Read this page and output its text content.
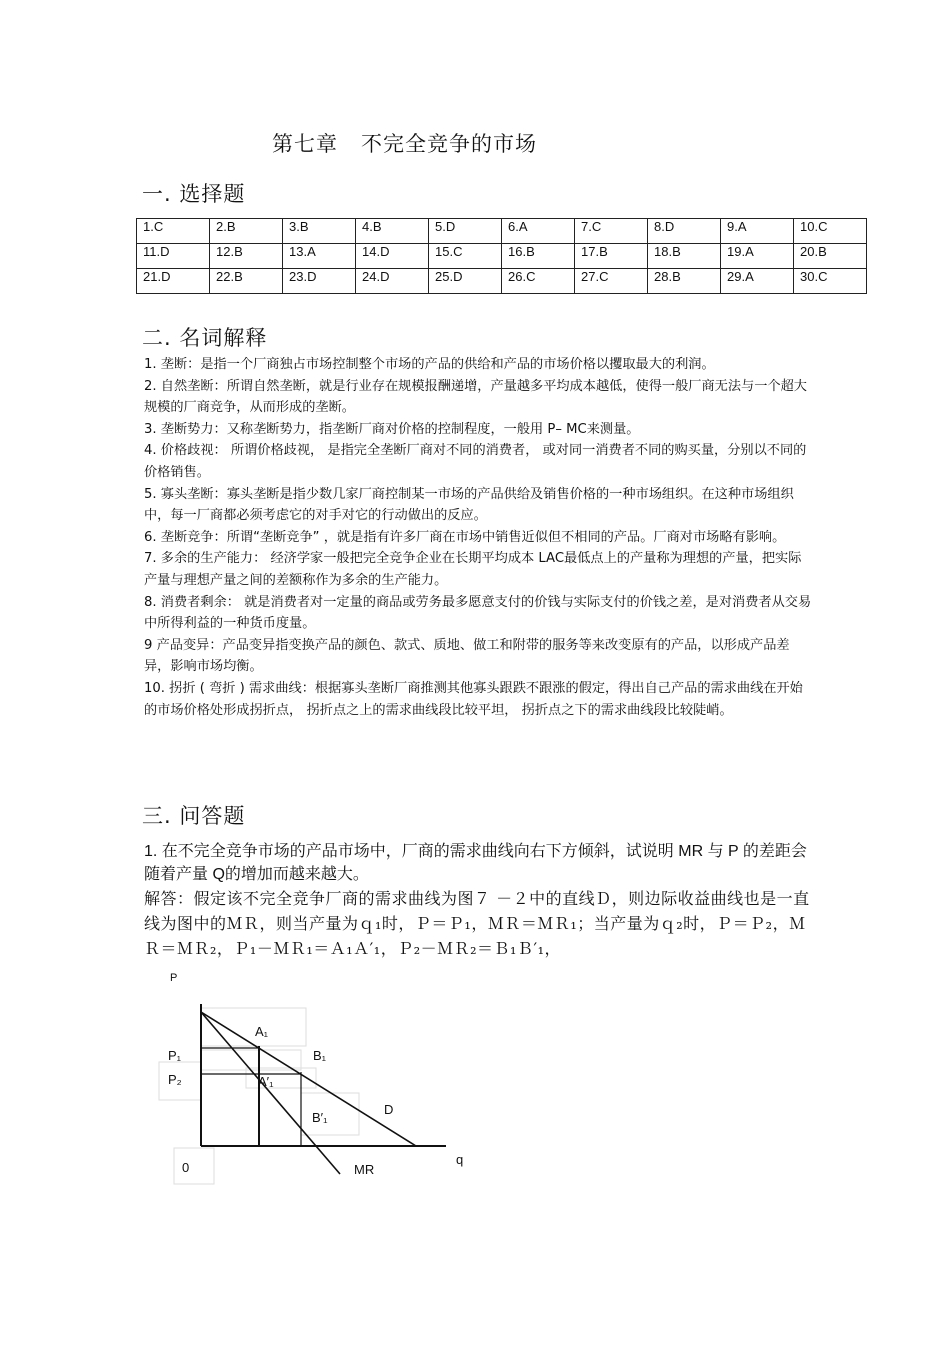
第七章   不完全竞争的市场
一. 选择题
1.C	2.B	3.B	4.B	5.D	6.A	7.C	8.D	9.A	10.C
11.D	12.B	13.A	14.D	15.C	16.B	17.B	18.B	19.A	20.B
21.D	22.B	23.D	24.D	25.D	26.C	27.C	28.B	29.A	30.C
二. 名词解释

1. 垄断：是指一个厂商独占市场控制整个市场的产品的供给和产品的市场价格以攫取最大的利润。

2. 自然垄断：所谓自然垄断，就是行业存在规模报酬递增，产量越多平均成本越低，使得一般厂商无法与一个超大规模的厂商竞争，从而形成的垄断。

3. 垄断势力：又称垄断势力，指垄断厂商对价格的控制程度，一般用 P– MC来测量。

4. 价格歧视： 所谓价格歧视， 是指完全垄断厂商对不同的消费者， 或对同一消费者不同的购买量，分别以不同的价格销售。

5. 寡头垄断：寡头垄断是指少数几家厂商控制某一市场的产品供给及销售价格的一种市场组织。在这种市场组织中，每一厂商都必须考虑它的对手对它的行动做出的反应。

6. 垄断竞争：所谓“垄断竞争” ，就是指有许多厂商在市场中销售近似但不相同的产品。厂商对市场略有影响。

7. 多余的生产能力： 经济学家一般把完全竞争企业在长期平均成本 LAC最低点上的产量称为理想的产量，把实际产量与理想产量之间的差额称作为多余的生产能力。

8. 消费者剩余： 就是消费者对一定量的商品或劳务最多愿意支付的价钱与实际支付的价钱之差，是对消费者从交易中所得利益的一种货币度量。

9 产品变异：产品变异指变换产品的颜色、款式、质地、做工和附带的服务等来改变原有的产品，以形成产品差异，影响市场均衡。

10. 拐折 ( 弯折 ) 需求曲线：根据寡头垄断厂商推测其他寡头跟跌不跟涨的假定，得出自己产品的需求曲线在开始的市场价格处形成拐折点， 拐折点之上的需求曲线段比较平坦， 拐折点之下的需求曲线段比较陡峭。

三. 问答题

1. 在不完全竞争市场的产品市场中，厂商的需求曲线向右下方倾斜，试说明 MR 与 P 的差距会随着产量 Q的增加而越来越大。

解答：假定该不完全竞争厂商的需求曲线为图７ －２中的直线Ｄ，则边际收益曲线也是一直线为图中的ＭＲ，则当产量为ｑ₁时，Ｐ＝Ｐ₁，ＭＲ＝ＭＲ₁；当产量为ｑ₂时，Ｐ＝Ｐ₂，ＭＲ＝ＭＲ₂，Ｐ₁－ＭＲ₁＝Ａ₁Ａ′₁，Ｐ₂－ＭＲ₂＝Ｂ₁Ｂ′₁，

A₁
B₁
P₁
P₂	A′₁
B′₁
D
MR
q
0
P
